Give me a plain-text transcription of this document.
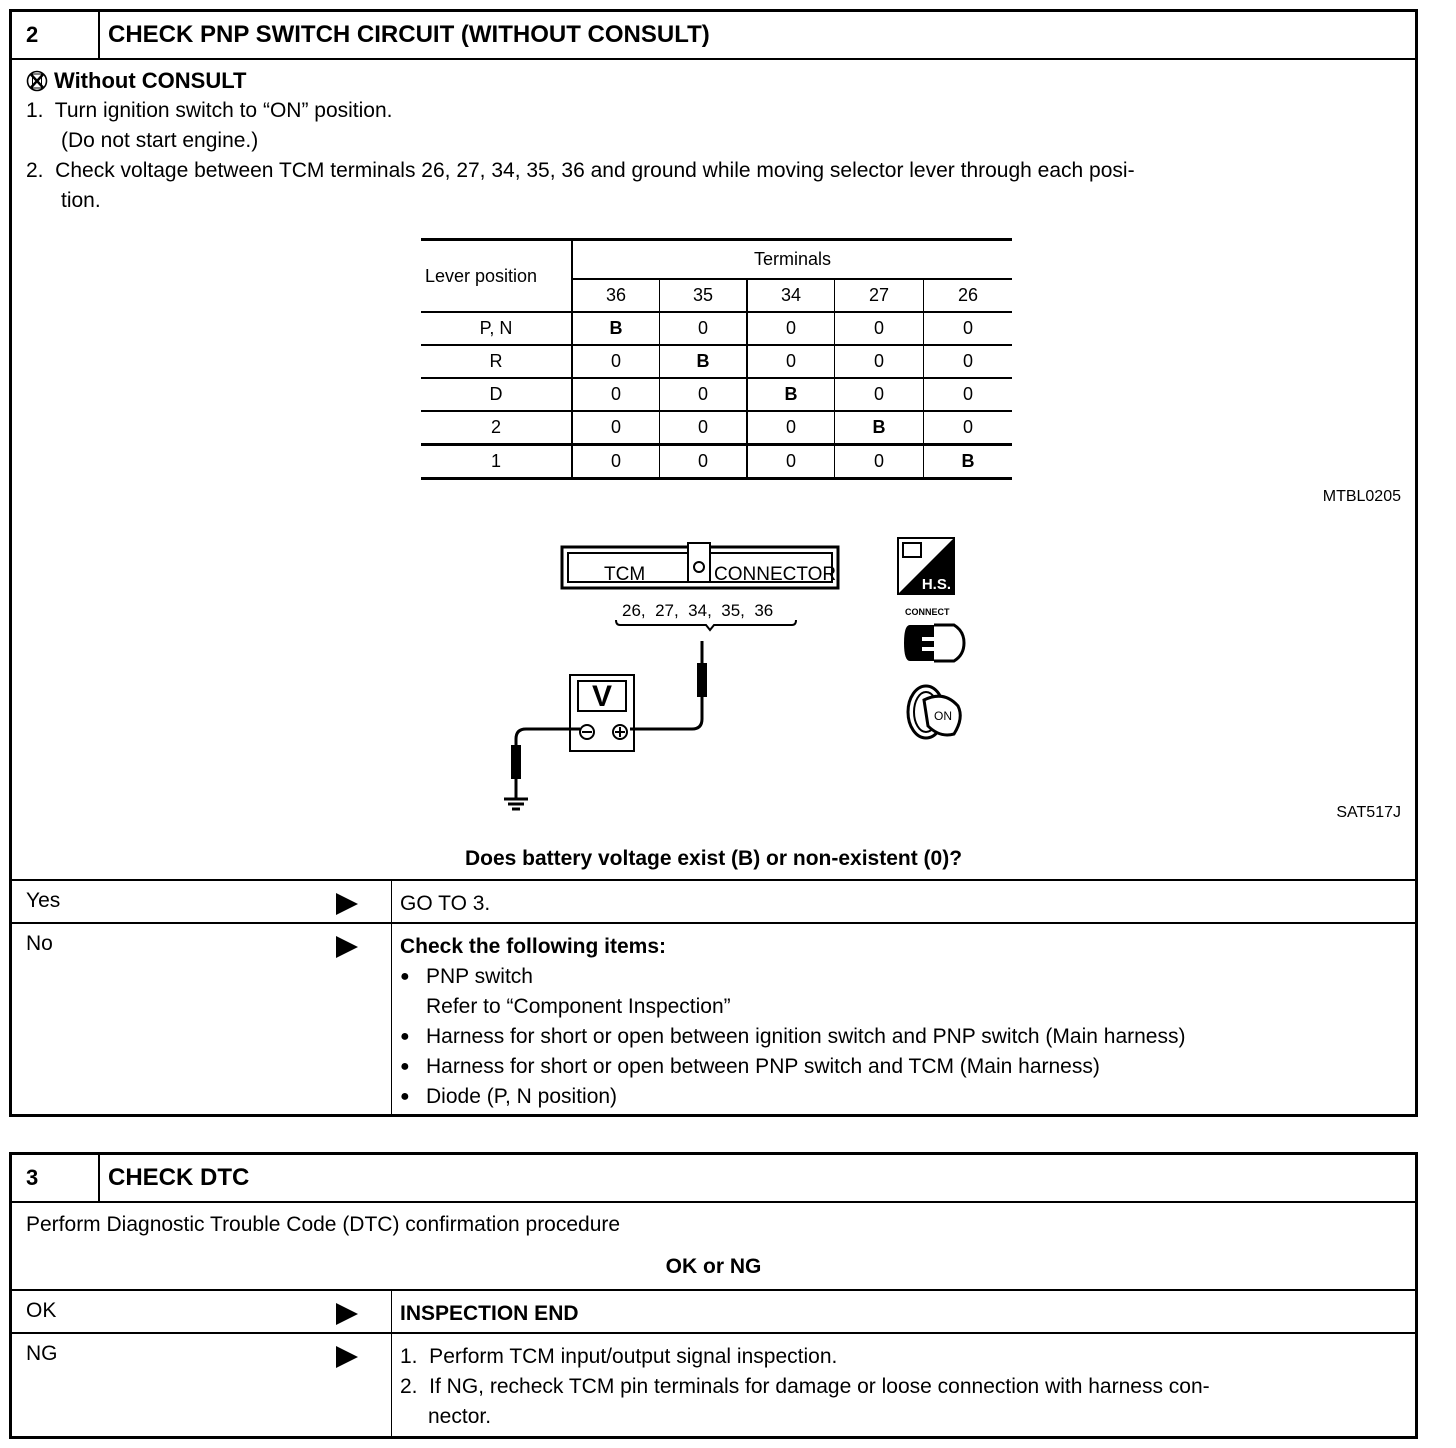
2	CHECK PNP SWITCH CIRCUIT (WITHOUT CONSULT)
Without CONSULT
1.  Turn ignition switch to “ON” position.
(Do not start engine.)
2.  Check voltage between TCM terminals 26, 27, 34, 35, 36 and ground while moving selector lever through each posi-
tion.
Lever position	Terminals				
	36	35	34	27	26
P, N	B	0	0	0	0
R	0	B	0	0	0
D	0	0	B	0	0
2	0	0	0	B	0
1	0	0	0	0	B
MTBL0205
TCM	CONNECTOR
26,  27,  34,  35,  36
V
H.S.
CONNECT
ON
SAT517J
Does battery voltage exist (B) or non-existent (0)?
Yes	GO TO 3.
No	Check the following items:
● PNP switch
Refer to “Component Inspection”
● Harness for short or open between ignition switch and PNP switch (Main harness)
● Harness for short or open between PNP switch and TCM (Main harness)
● Diode (P, N position)
3	CHECK DTC
Perform Diagnostic Trouble Code (DTC) confirmation procedure
OK or NG
OK	INSPECTION END
NG	1.  Perform TCM input/output signal inspection.
2.  If NG, recheck TCM pin terminals for damage or loose connection with harness con-
nector.
